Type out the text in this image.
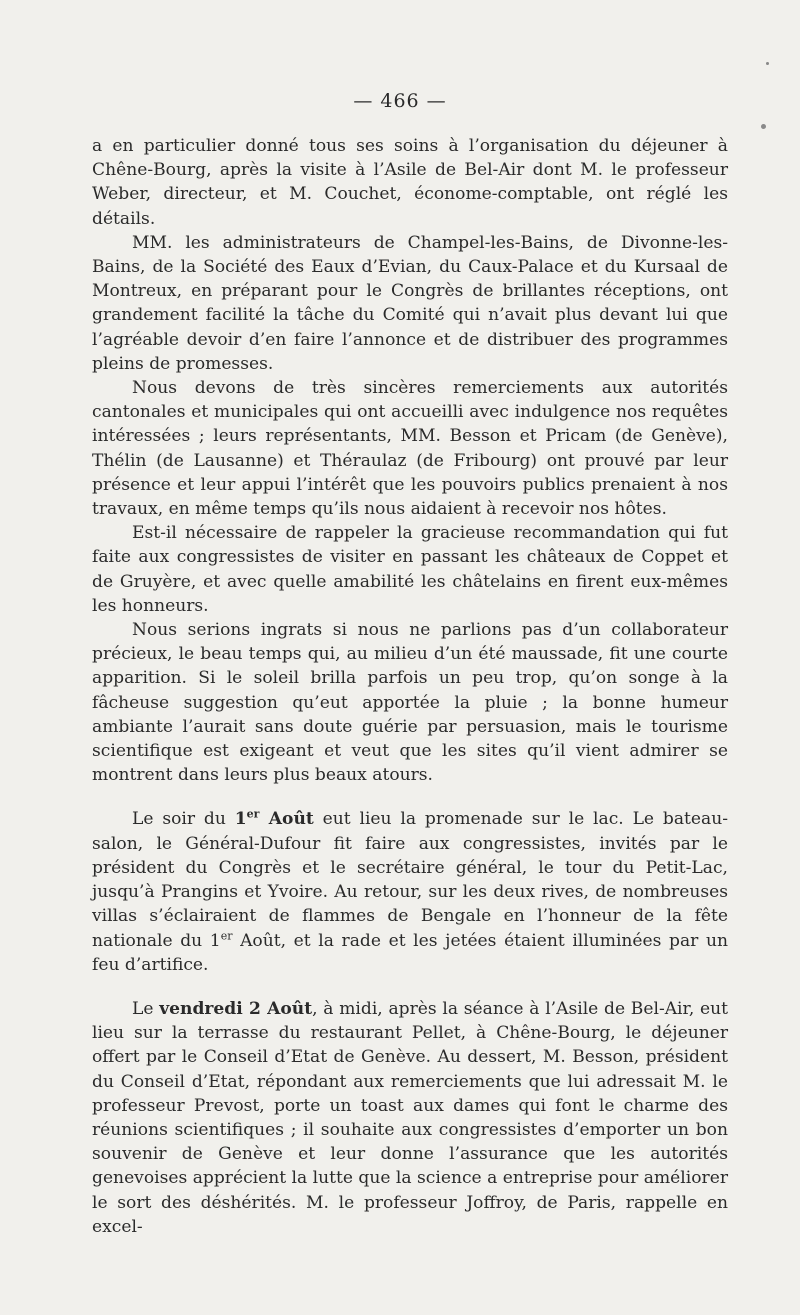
— 466 —

a en particulier donné tous ses soins à l’organisation du déjeuner à Chêne-Bourg, après la visite à l’Asile de Bel-Air dont M. le professeur Weber, directeur, et M. Couchet, économe-comptable, ont réglé les détails.

MM. les administrateurs de Champel-les-Bains, de Divonne-les-Bains, de la Société des Eaux d’Evian, du Caux-Palace et du Kursaal de Montreux, en préparant pour le Congrès de brillantes réceptions, ont grandement facilité la tâche du Comité qui n’avait plus devant lui que l’agréable devoir d’en faire l’annonce et de distribuer des programmes pleins de promesses.

Nous devons de très sincères remerciements aux autorités cantonales et municipales qui ont accueilli avec indulgence nos requêtes intéressées ; leurs représentants, MM. Besson et Pricam (de Genève), Thélin (de Lausanne) et Théraulaz (de Fribourg) ont prouvé par leur présence et leur appui l’intérêt que les pouvoirs publics prenaient à nos travaux, en même temps qu’ils nous aidaient à recevoir nos hôtes.

Est-il nécessaire de rappeler la gracieuse recommandation qui fut faite aux congressistes de visiter en passant les châteaux de Coppet et de Gruyère, et avec quelle amabilité les châtelains en firent eux-mêmes les honneurs.

Nous serions ingrats si nous ne parlions pas d’un collaborateur précieux, le beau temps qui, au milieu d’un été maussade, fit une courte apparition. Si le soleil brilla parfois un peu trop, qu’on songe à la fâcheuse suggestion qu’eut apportée la pluie ; la bonne humeur ambiante l’aurait sans doute guérie par persuasion, mais le tourisme scientifique est exigeant et veut que les sites qu’il vient admirer se montrent dans leurs plus beaux atours.

Le soir du 1er Août eut lieu la promenade sur le lac. Le bateau-salon, le Général-Dufour fit faire aux congressistes, invités par le président du Congrès et le secrétaire général, le tour du Petit-Lac, jusqu’à Prangins et Yvoire. Au retour, sur les deux rives, de nombreuses villas s’éclairaient de flammes de Bengale en l’honneur de la fête nationale du 1er Août, et la rade et les jetées étaient illuminées par un feu d’artifice.

Le vendredi 2 Août, à midi, après la séance à l’Asile de Bel-Air, eut lieu sur la terrasse du restaurant Pellet, à Chêne-Bourg, le déjeuner offert par le Conseil d’Etat de Genève. Au dessert, M. Besson, président du Conseil d’Etat, répondant aux remerciements que lui adressait M. le professeur Prevost, porte un toast aux dames qui font le charme des réunions scientifiques ; il souhaite aux congressistes d’emporter un bon souvenir de Genève et leur donne l’assurance que les autorités genevoises apprécient la lutte que la science a entreprise pour améliorer le sort des déshérités. M. le professeur Joffroy, de Paris, rappelle en excel-
